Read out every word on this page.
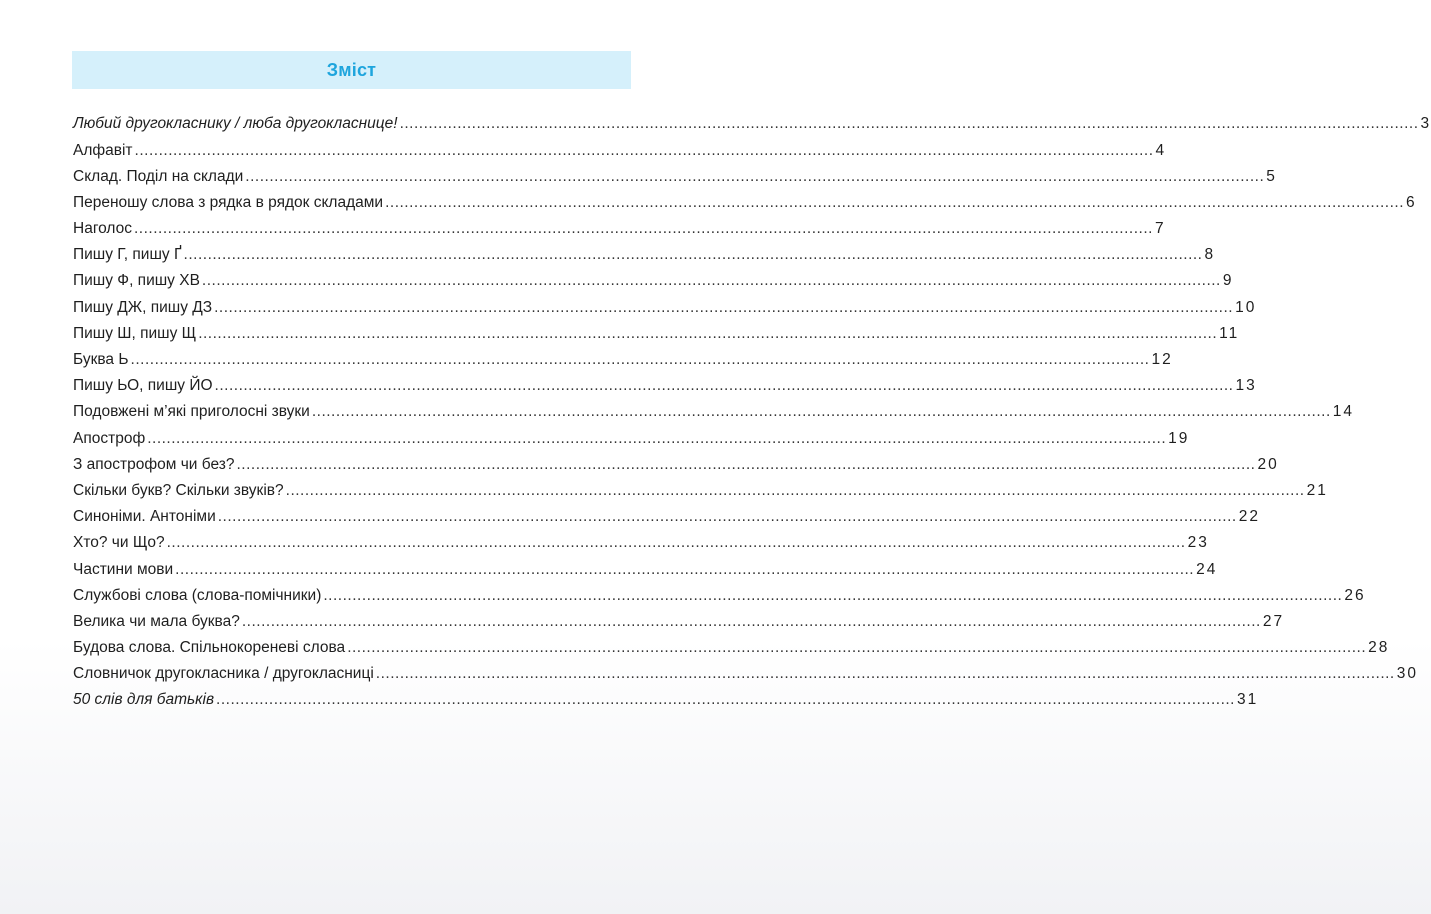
Зміст
Любий другокласнику / люба другокласнице! .....	3
Алфавіт .....	4
Склад. Поділ на склади .....	5
Переношу слова з рядка в рядок складами .....	6
Наголос .....	7
Пишу Г, пишу Ґ .....	8
Пишу Ф, пишу ХВ .....	9
Пишу ДЖ, пишу ДЗ .....	10
Пишу Ш, пишу Щ .....	11
Буква Ь .....	12
Пишу ЬО, пишу ЙО .....	13
Подовжені м’які приголосні звуки .....	14
Апостроф .....	19
З апострофом чи без? .....	20
Скільки букв? Скільки звуків? .....	21
Синоніми. Антоніми .....	22
Хто? чи Що? .....	23
Частини мови .....	24
Службові слова (слова-помічники) .....	26
Велика чи мала буква? .....	27
Будова слова. Спільнокореневі слова .....	28
Словничок другокласника / другокласниці .....	30
50 слів для батьків .....	31
